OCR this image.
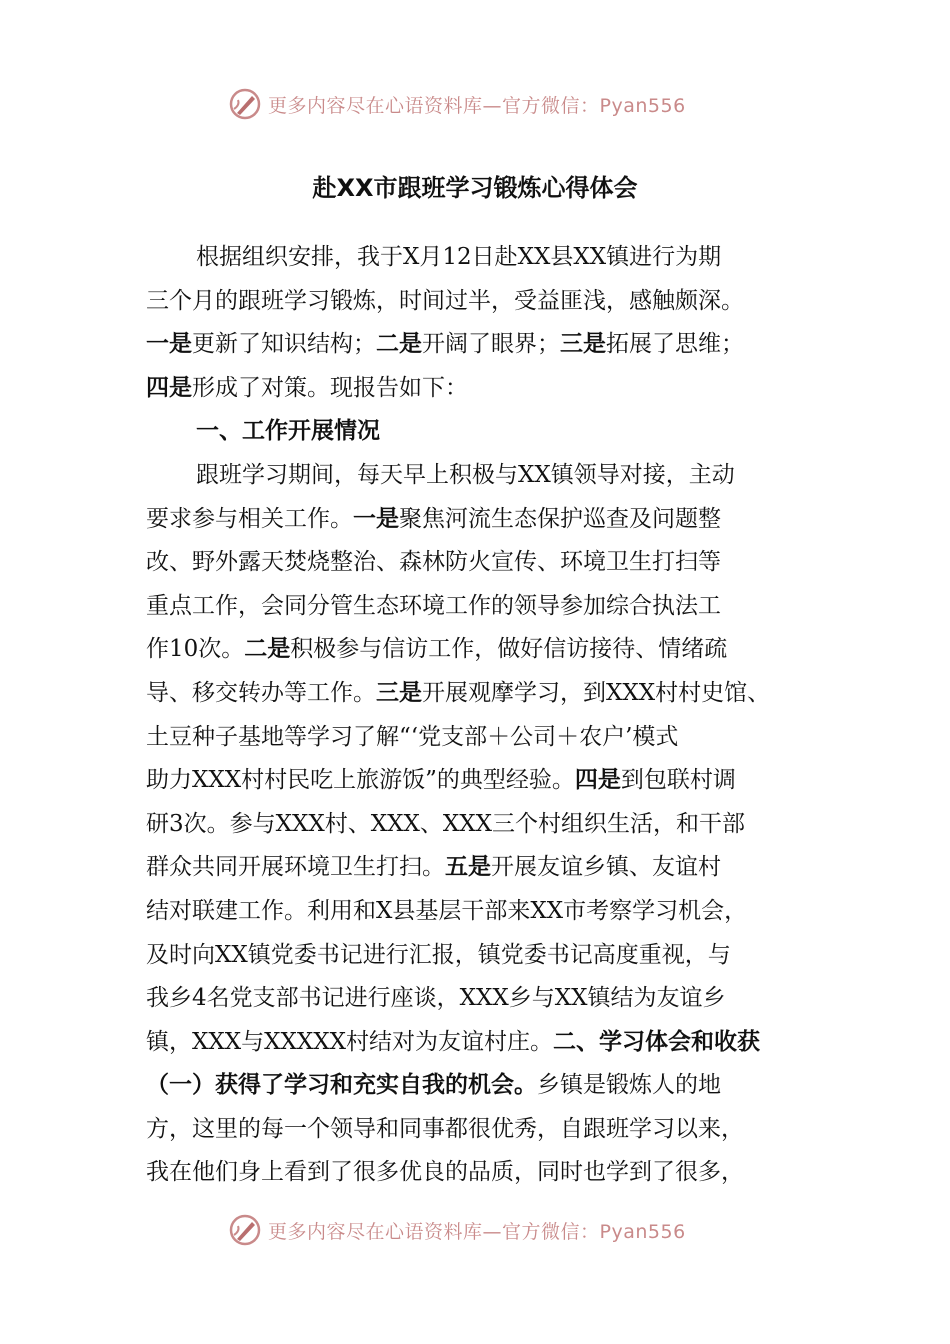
更多内容尽在心语资料库—官方微信：Pyan556
赴XX市跟班学习锻炼心得体会
根据组织安排，我于X月12日赴XX县XX镇进行为期
三个月的跟班学习锻炼，时间过半，受益匪浅，感触颇深。
一是更新了知识结构；二是开阔了眼界；三是拓展了思维；
四是形成了对策。现报告如下：
一、工作开展情况
跟班学习期间，每天早上积极与XX镇领导对接，主动
要求参与相关工作。一是聚焦河流生态保护巡查及问题整
改、野外露天焚烧整治、森林防火宣传、环境卫生打扫等
重点工作，会同分管生态环境工作的领导参加综合执法工
作10次。二是积极参与信访工作，做好信访接待、情绪疏
导、移交转办等工作。三是开展观摩学习，到XXX村村史馆、
土豆种子基地等学习了解“‘党支部＋公司＋农户’模式
助力XXX村村民吃上旅游饭”的典型经验。四是到包联村调
研3次。参与XXX村、XXX、XXX三个村组织生活，和干部
群众共同开展环境卫生打扫。五是开展友谊乡镇、友谊村
结对联建工作。利用和X县基层干部来XX市考察学习机会，
及时向XX镇党委书记进行汇报，镇党委书记高度重视，与
我乡4名党支部书记进行座谈，XXX乡与XX镇结为友谊乡
镇，XXX与XXXXX村结对为友谊村庄。二、学习体会和收获
（一）获得了学习和充实自我的机会。乡镇是锻炼人的地
方，这里的每一个领导和同事都很优秀，自跟班学习以来，
我在他们身上看到了很多优良的品质，同时也学到了很多，
更多内容尽在心语资料库—官方微信：Pyan556
